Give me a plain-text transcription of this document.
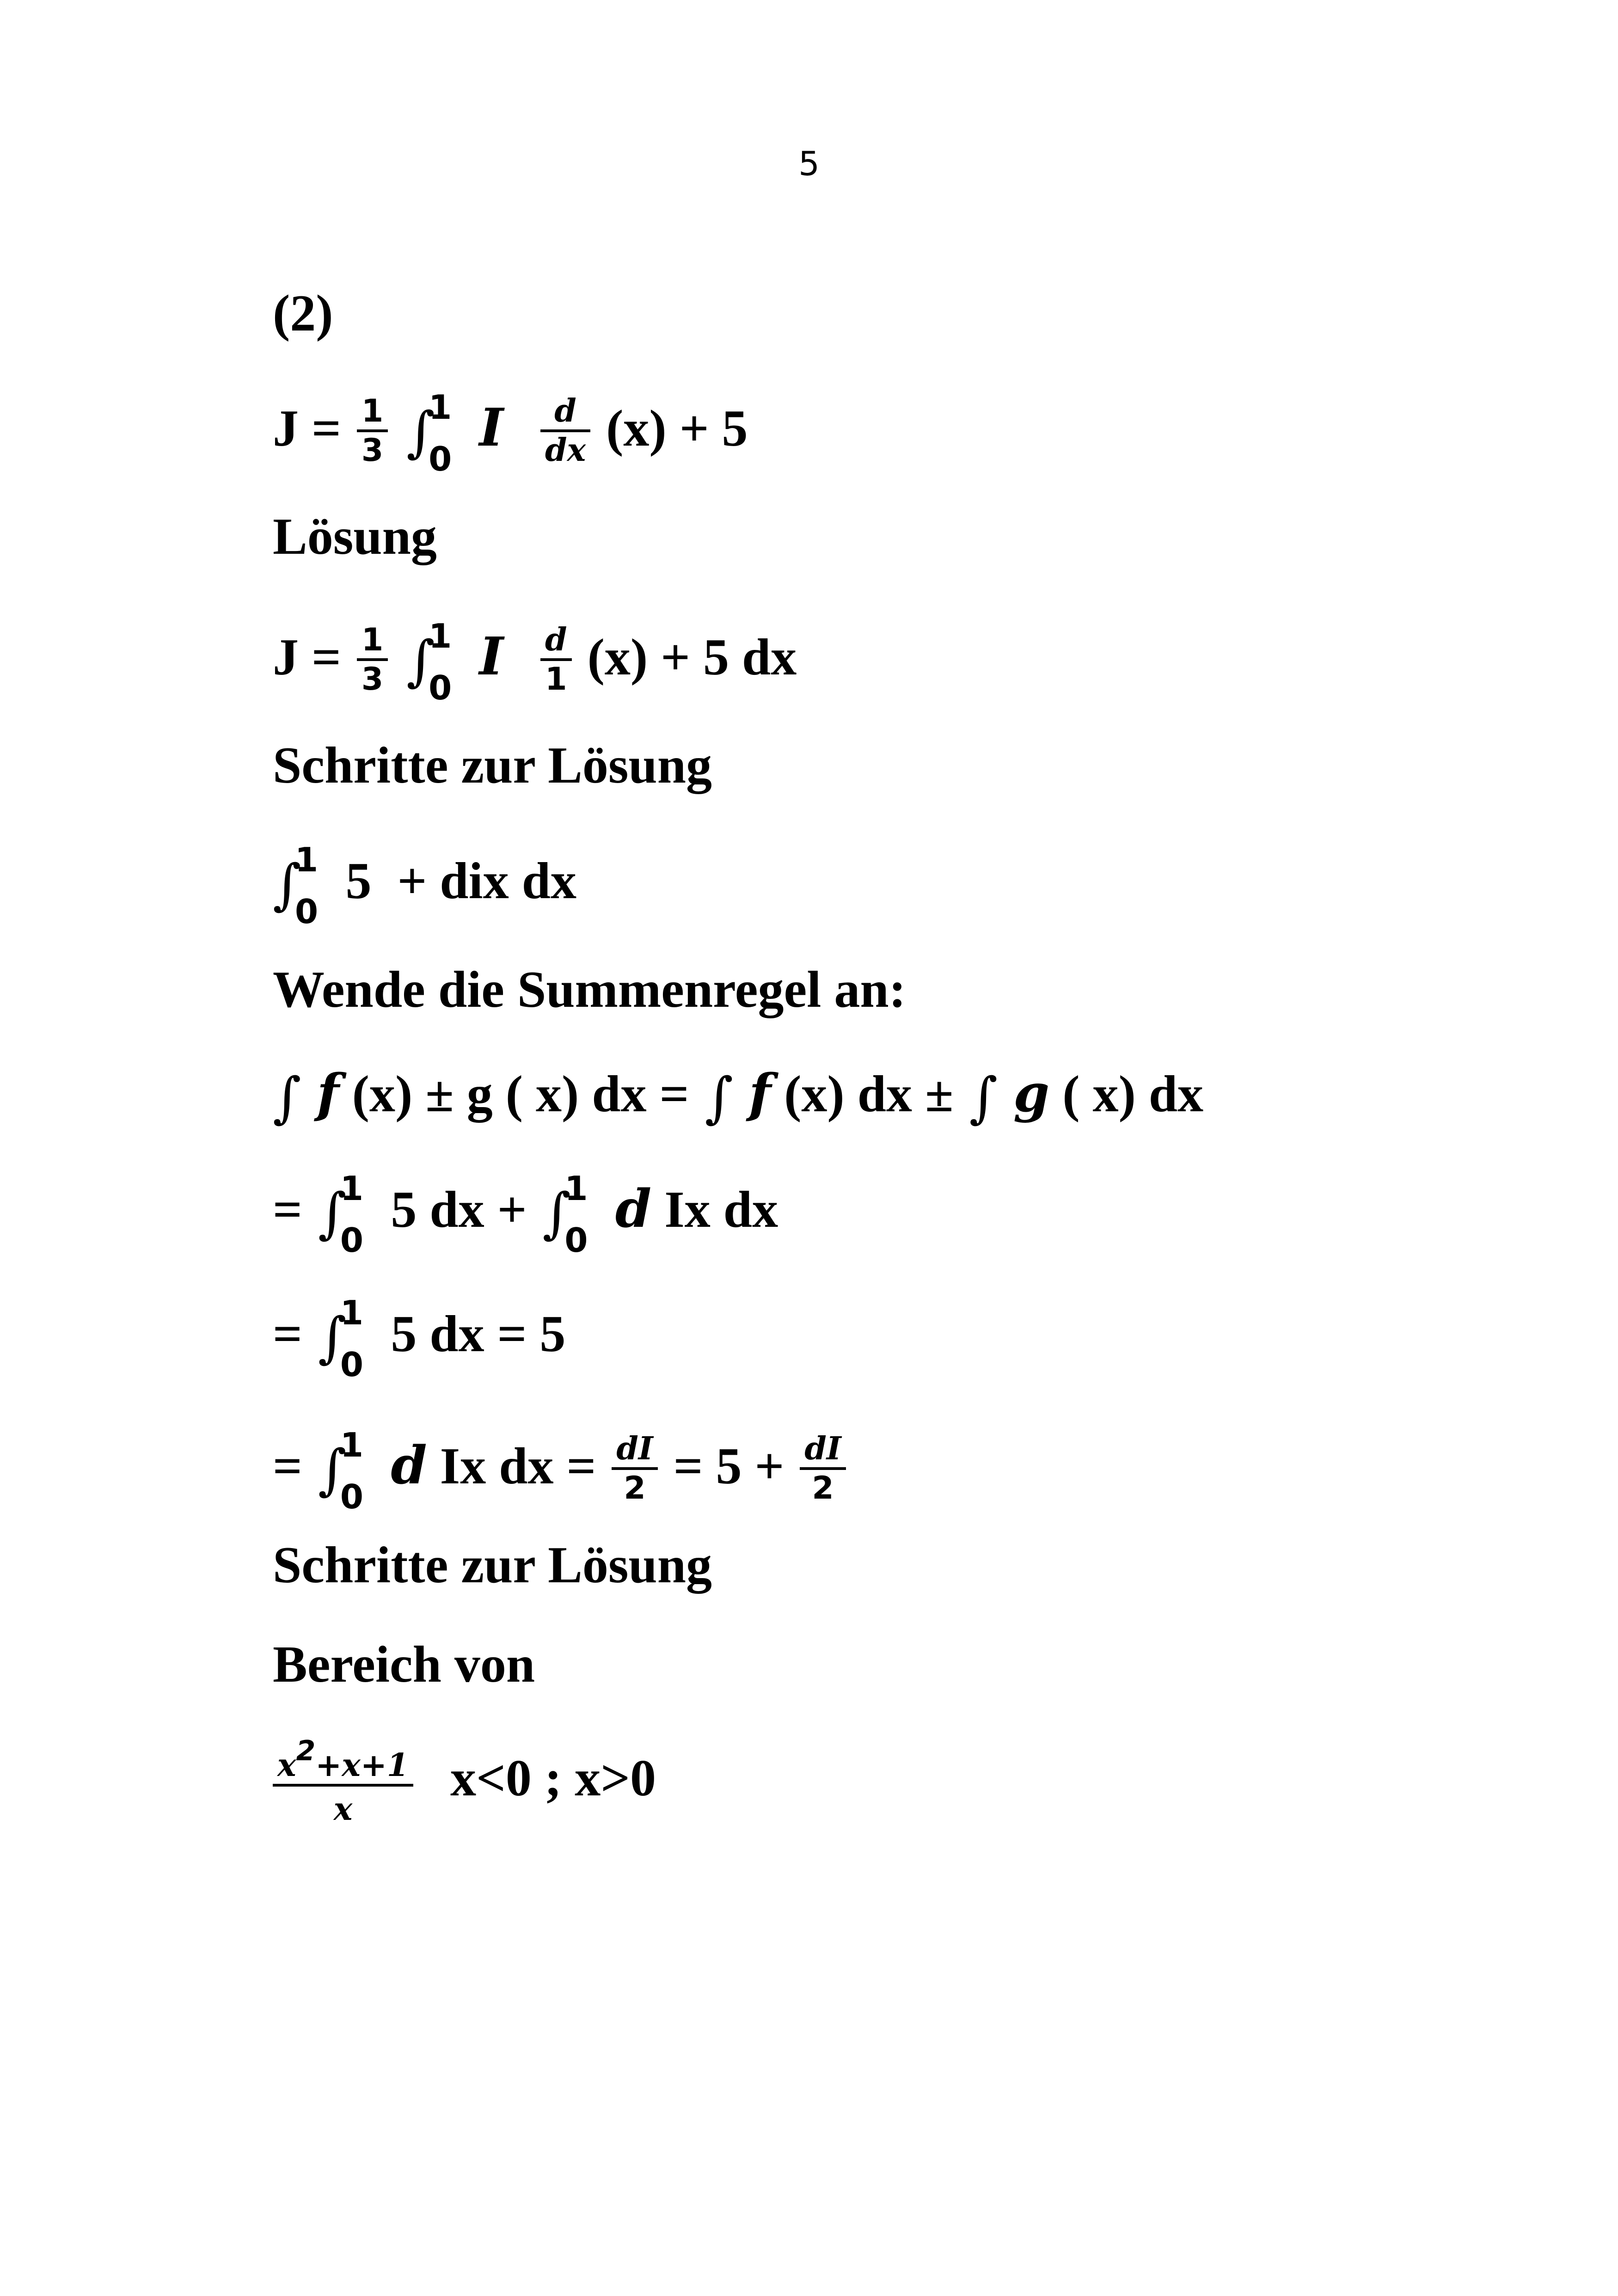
5
(2)
$J = \frac{1}{3}$ ∫
1
0
I $\frac{d}{dx} (x) + 5$
Lösung
$J = \frac{1}{3}$ ∫
1
0
I $\frac{d}{1} (x) + 5$ dx
Schritte zur Lösung
∫
1
0
5  + dix dx
Wende die Summenregel an:
∫ f (x) ± g ( x) dx = ∫ f (x) dx ± ∫ g ( x) dx
= ∫
1
0
5 dx + ∫
1
0
d Ix dx
= ∫
1
0
5 dx = 5
= ∫
1
0
d Ix dx = $\frac{dI}{2} = 5 + \frac{dI}{2}$
Schritte zur Lösung
Bereich von
$\frac{x2+x+1}{x} x<0$ ; x>0
